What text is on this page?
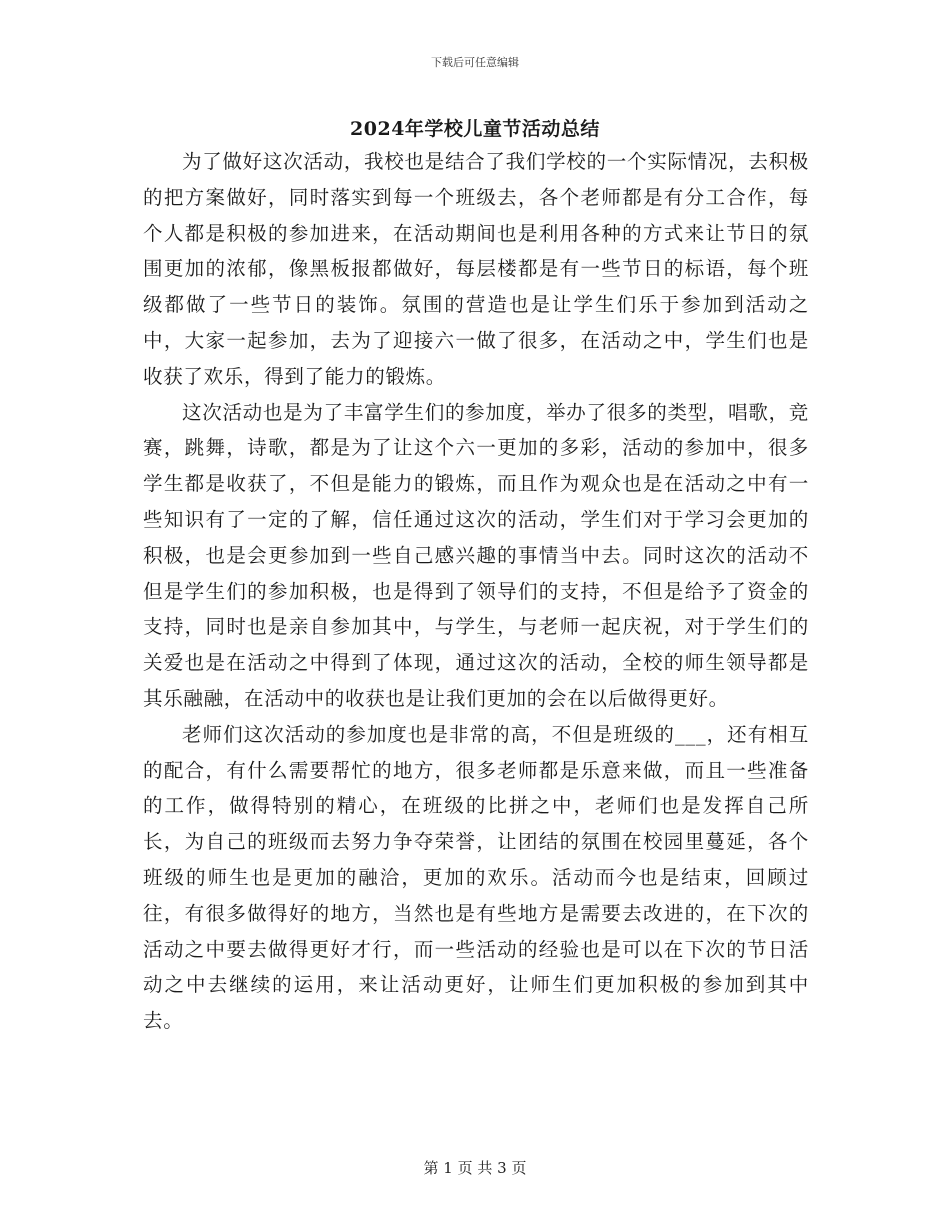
下载后可任意编辑
2024年学校儿童节活动总结

为了做好这次活动，我校也是结合了我们学校的一个实际情况，去积极的把方案做好，同时落实到每一个班级去，各个老师都是有分工合作，每个人都是积极的参加进来，在活动期间也是利用各种的方式来让节日的氛围更加的浓郁，像黑板报都做好，每层楼都是有一些节日的标语，每个班级都做了一些节日的装饰。氛围的营造也是让学生们乐于参加到活动之中，大家一起参加，去为了迎接六一做了很多，在活动之中，学生们也是收获了欢乐，得到了能力的锻炼。

这次活动也是为了丰富学生们的参加度，举办了很多的类型，唱歌，竞赛，跳舞，诗歌，都是为了让这个六一更加的多彩，活动的参加中，很多学生都是收获了，不但是能力的锻炼，而且作为观众也是在活动之中有一些知识有了一定的了解，信任通过这次的活动，学生们对于学习会更加的积极，也是会更参加到一些自己感兴趣的事情当中去。同时这次的活动不但是学生们的参加积极，也是得到了领导们的支持，不但是给予了资金的支持，同时也是亲自参加其中，与学生，与老师一起庆祝，对于学生们的关爱也是在活动之中得到了体现，通过这次的活动，全校的师生领导都是其乐融融，在活动中的收获也是让我们更加的会在以后做得更好。

老师们这次活动的参加度也是非常的高，不但是班级的___，还有相互的配合，有什么需要帮忙的地方，很多老师都是乐意来做，而且一些准备的工作，做得特别的精心，在班级的比拼之中，老师们也是发挥自己所长，为自己的班级而去努力争夺荣誉，让团结的氛围在校园里蔓延，各个班级的师生也是更加的融洽，更加的欢乐。活动而今也是结束，回顾过往，有很多做得好的地方，当然也是有些地方是需要去改进的，在下次的活动之中要去做得更好才行，而一些活动的经验也是可以在下次的节日活动之中去继续的运用，来让活动更好，让师生们更加积极的参加到其中去。

第 1 页 共 3 页
